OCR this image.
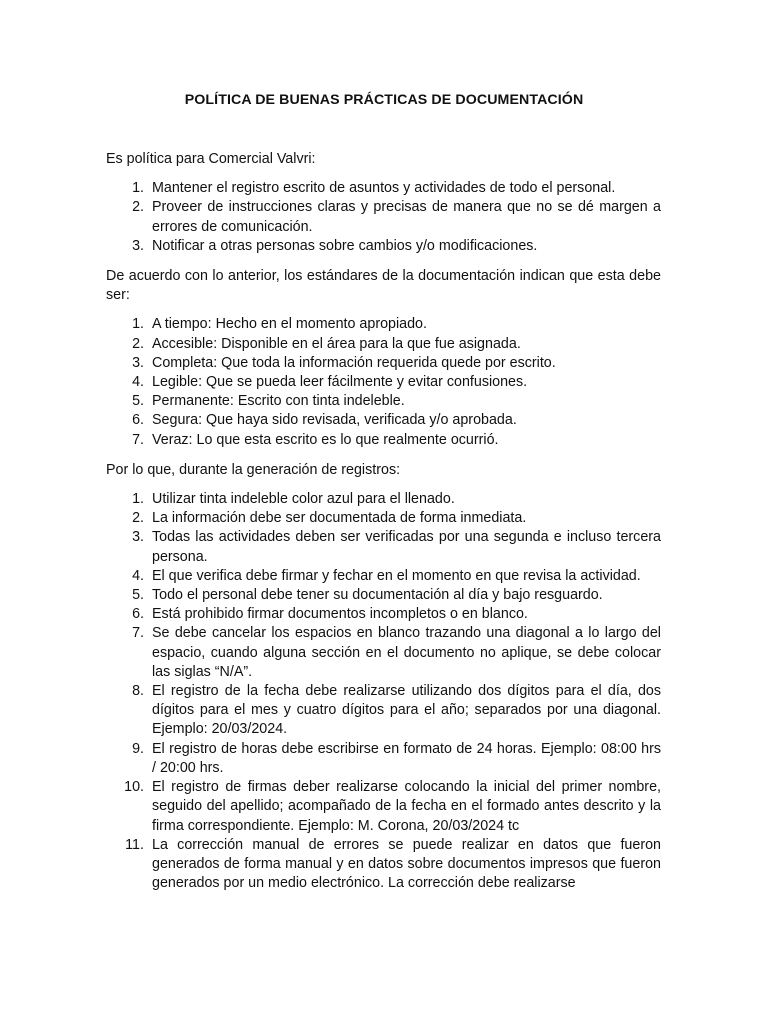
POLÍTICA DE BUENAS PRÁCTICAS DE DOCUMENTACIÓN

Es política para Comercial Valvri:

1. Mantener el registro escrito de asuntos y actividades de todo el personal.
2. Proveer de instrucciones claras y precisas de manera que no se dé margen a errores de comunicación.
3. Notificar a otras personas sobre cambios y/o modificaciones.

De acuerdo con lo anterior, los estándares de la documentación indican que esta debe ser:

1. A tiempo: Hecho en el momento apropiado.
2. Accesible: Disponible en el área para la que fue asignada.
3. Completa: Que toda la información requerida quede por escrito.
4. Legible: Que se pueda leer fácilmente y evitar confusiones.
5. Permanente: Escrito con tinta indeleble.
6. Segura: Que haya sido revisada, verificada y/o aprobada.
7. Veraz: Lo que esta escrito es lo que realmente ocurrió.

Por lo que, durante la generación de registros:

1. Utilizar tinta indeleble color azul para el llenado.
2. La información debe ser documentada de forma inmediata.
3. Todas las actividades deben ser verificadas por una segunda e incluso tercera persona.
4. El que verifica debe firmar y fechar en el momento en que revisa la actividad.
5. Todo el personal debe tener su documentación al día y bajo resguardo.
6. Está prohibido firmar documentos incompletos o en blanco.
7. Se debe cancelar los espacios en blanco trazando una diagonal a lo largo del espacio, cuando alguna sección en el documento no aplique, se debe colocar las siglas “N/A”.
8. El registro de la fecha debe realizarse utilizando dos dígitos para el día, dos dígitos para el mes y cuatro dígitos para el año; separados por una diagonal. Ejemplo: 20/03/2024.
9. El registro de horas debe escribirse en formato de 24 horas. Ejemplo: 08:00 hrs / 20:00 hrs.
10. El registro de firmas deber realizarse colocando la inicial del primer nombre, seguido del apellido; acompañado de la fecha en el formado antes descrito y la firma correspondiente. Ejemplo: M. Corona, 20/03/2024 tc
11. La corrección manual de errores se puede realizar en datos que fueron generados de forma manual y en datos sobre documentos impresos que fueron generados por un medio electrónico. La corrección debe realizarse
